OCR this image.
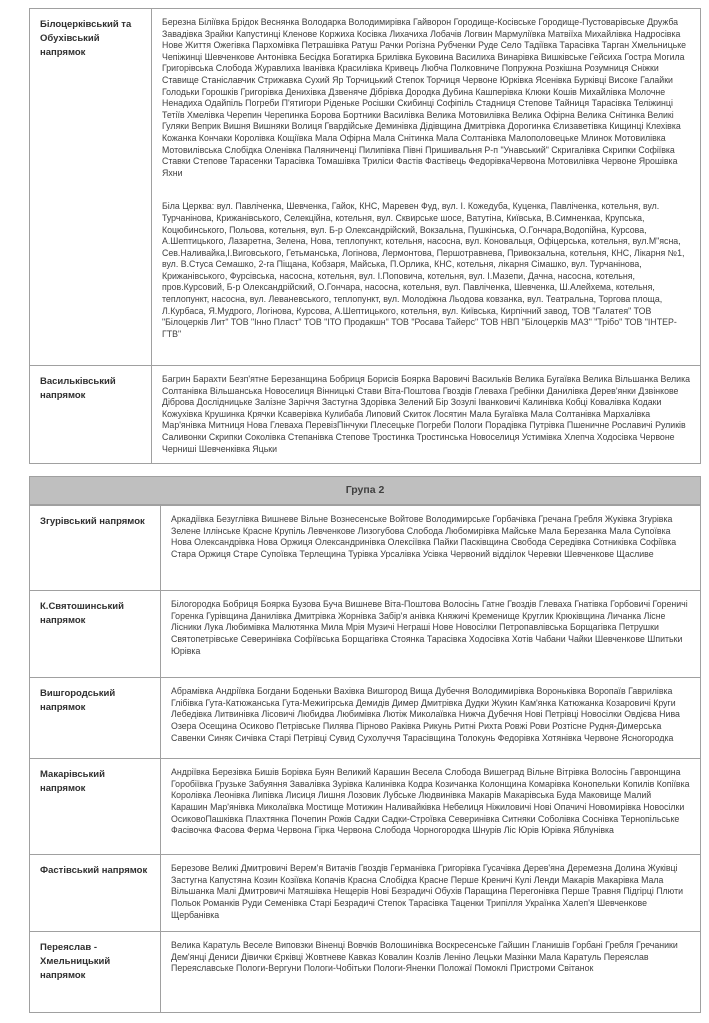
Білоцерківський та Обухівський напрямок

Березна Біліївка Брідок Веснянка Володарка Володимирівка Гайворон Городище-Косівське Городище-Пустоварівське Дружба Завадівка Зрайки Капустинці Кленове Коржиха Косівка Лихачиха Лобачів Логвин Мармуліївка Матвіїха Михайлівка Надросівка Нове Життя Ожегівка Пархомівка Петрашівка Ратуш Рачки Рогізна Рубченки Руде Село Тадіївка Тарасівка Тарган Хмельницьке Чепіжинці Шевченкове Антонівка Бесідка Богатирка Брилівка Буковина Василиха Винарівка Вишківське Гейсиха Гостра Могила Григорівська Слобода Журавлиха Іванівка Красилівка Кривець Любча Полковниче Попружна Розкішна Розумниця Сніжки Ставище Станіславчик Стрижавка Сухий Яр Торчицький Степок Торчиця Червоне Юрківка Ясенівка Бурківці Високе Галайки Голодьки Горошків Григорівка Денихівка Дзвеняче Дібрівка Дородка Дубина Кашперівка Клюки Кошів Михайлівка Молочне Ненадиха Одайпіль Погреби П'ятигори Ріденьке Росішки Скибинці Софіпіль Стадниця Степове Тайниця Тарасівка Теліжинці Тетіїв Хмелівка Черепин Черепинка Борова Бортники Василівка Велика Мотовилівка Велика Офірна Велика Снітинка Великі Гуляки Веприк Вишня Вишняки Волиця Гвардійське Деминівка Дідівщина Дмитрівка Дорогинка Єлизаветівка Кищинці Клехівка Кожанка Кончаки Королівка Кощіївка Мала Офірна Мала Снітинка Мала Солтанівка Малополовецьке Млинок Мотовилівка Мотовилівська Слобідка Оленівка Паляниченці Пилипівка Півні Пришивальня Р-п "Унавський" Скригалівка Скрипки Софіївка Ставки Степове Тарасенки Тарасівка Томашівка Триліси Фастів Фастівець ФедорівкаЧервона Мотовилівка Червоне Ярошівка Яхни

Біла Церква: вул. Павліченка, Шевченка, Гайок, КНС, Маревен Фуд, вул. І. Кожедуба, Куценка, Павліченка, котельня, вул. Турчанінова, Крижанівського, Селекційна, котельня, вул. Сквирське шосе, Ватутіна, Київська, В.Симненкаа, Крупська, Коцюбинського, Польова, котельня, вул. Б-р Олександрійский, Вокзальна, Пушкінська, О.Гончара,Водопійна, Курсова, А.Шептицького, Лазаретна, Зелена, Нова, теплопункт, котельня, насосна, вул. Коновальця, Офіцерська, котельня, вул.М"ясна, Сев.Наливайка,І.Виговського, Гетьманська, Логінова, Лермонтова, Першотравнева, Привокзальна, котельня, КНС, Лікарня №1, вул. В.Стуса Семашко, 2-га Піщана, Кобзаря, Майська, П.Орлика, КНС, котельня, лікарня Сімашко, вул. Турчанінова, Крижанівського, Фурсівська, насосна, котельня, вул. І.Поповича, котельня, вул. І.Мазепи, Дачна, насосна, котельня, пров.Курсовий, Б-р Олександрійский, О.Гончара, насосна, котельня, вул. Павліченка, Шевченка, Ш.Алейхема, котельня, теплопункт, насосна, вул. Леваневського, теплопункт, вул. Молодіжна Льодова ковзанка, вул. Театральна, Торгова площа, Л.Курбаса, Я.Мудрого, Логінова, Курсова, А.Шептицького, котельня, вул. Київська, Кирпічний завод, ТОВ "Галатея" ТОВ "Білоцерків Лит" ТОВ "Інно Пласт" ТОВ "ІТО Продакшн" ТОВ "Росава Тайерс" ТОВ НВП "Білоцерків МАЗ" "Трібо" ТОВ "ІНТЕР-ГТВ"

Васильківський напрямок

Багрин Барахти Безп'ятне Березанщина Бобриця Борисів Боярка Варовичі Васильків Велика Бугаївка Велика Вільшанка Велика Солтанівка Вільшанська Новоселиця Вінницькі Стави Віта-Поштова Гвоздів Глеваха Гребінки Данилівка Дерев'янки Дзвінкове Діброва Дослідницьке Залізне Заріччя Застугна Здорівка Зелений Бір Зозулі Іванковичі Калинівка Кобці Ковалівка Кодаки Кожухівка Крушинка Крячки Ксаверівка Кулибаба Липовий Скиток Лосятин Мала Бугаївка Мала Солтанівка Мархалівка Мар'янівка Митниця Нова Глеваха ПеревізПінчуки Плесецьке Погреби Пологи Порадівка Путрівка Пшеничне Рославичі Руликів Саливонки Скрипки Соколівка Степанівка Степове Тростинка Тростинська Новоселиця Устимівка Хлепча Ходосівка Червоне Черниші Шевченківка Яцьки

Група 2
Згурівський напрямок	Аркадіївка Безуглівка Вишневе Вільне Вознесенське Войтове Володимирське Горбачівка Гречана Гребля Жуківка Згурівка Зелене Іллінське Красне Крупіль Левченкове Лизогубова Слобода Любомирівка Майське Мала Березанка Мала Супоївка Нова Олександрівка Нова Оржиця Олександринівка Олексіївка Пайки Пасківщина Свобода Середівка Сотниківка Софіївка Стара Оржиця Старе Супоївка Терлещина Турівка Урсалівка Усівка Червоний відділок Черевки Шевченкове Щасливе

К.Святошинський напрямок

Білогородка Бобриця Боярка Бузова Буча Вишневе Віта-Поштова Волосінь Гатне Гвоздів Глеваха Гнатівка Горбовичі Гореничі Горенка Гурівщина Данилівка Дмитрівка Жорнівка Забір'я анівка Княжичі Кременище Круглик Крюківщина Личанка Лісне Лісники Лука Любимівка Малютянка Мила Мрія Музичі Неграші Нове Новосілки Петропавлівська Борщагівка Петрушки Святопетрівське Северинівка Софіївська Борщагівка Стоянка Тарасівка Ходосівка Хотів Чабани Чайки Шевченкове Шпитьки Юрівка

Вишгородський напрямок

Абрамівка Андріївка Богдани Боденьки Вахівка Вишгород Вища Дубечня Володимирівка Вороньківка Воропаїв Гаврилівка Глібівка Гута-Катюжанська Гута-Межигірська Демидів Димер Дмитрівка Дудки Жукин Кам'янка Катюжанка Козаровичі Круги Лебедівка Литвинівка Лісовичі Любидва Любимівка Лютіж Миколаївка Нижча Дубечня Нові Петрівці Новосілки Овдієва Нива Озера Осещина Осиково Петрівське Пилява Пірново Раківка Рикунь Ритні Рихта Ровжі Рови Розтісне Рудня-Димерська Савенки Синяк Сичівка Старі Петрівці Сувид Сухолуччя Тарасівщина Толокунь Федорівка Хотянівка Червоне Ясногородка

Макарівський напрямок

Андріївка Березівка Бишів Борівка Буян Великий Карашин Весела Слобода Вишеград Вільне Вітрівка Волосінь Гавронщина Горобіївка Грузьке Забуяння Завалівка Зурівка Калинівка Кодра Козичанка Колонщина Комарівка Конопельки Копилів Копіївка Королівка Леонівка Липівка Лисиця Лишня Лозовик Лубське Людвинівка Макарів Макарівська Буда Маковище Малий Карашин Мар'янівка Миколаївка Мостище Мотижин Наливайківка Небелиця Ніжиловичі Нові Опачичі Новомирівка Новосілки ОсиковоПашківка Плахтянка Почепин Рожів Садки Садки-Строївка Северинівка Ситняки Соболівка Соснівка Тернопільське Фасівочка Фасова Ферма Червона Гірка Червона Слобода Чорногородка Шнурів Ліс Юрів Юрівка Яблунівка

Фастівський напрямок	Березове Великі Дмитровичі Верем'я Витачів Гвоздів Германівка Григорівка Гусачівка Дерев'яна Деремезна Долина Жуківці Застугна Капустяна Козин Козіївка Копачів Красна Слобідка Красне Перше Креничі Кулі Ленди Макарів Макарівка Мала Вільшанка Малі Дмитровичі Матяшівка Нещерів Нові Безрадичі Обухів Паращина Перегонівка Перше Травня Підгірці Плюти Польок Романків Руди Семенівка Старі Безрадичі Степок Тарасівка Таценки Трипілля Українка Халеп'я Шевченкове Щербанівка

Переяслав - Хмельницький напрямок

Велика Каратуль Веселе Виповзки Віненці Вовчків Волошинівка Воскресенське Гайшин Гланишів Горбані Гребля Гречаники Дем'янці Дениси Дівички Єрківці Жовтневе Кавказ Ковалин Козлів Леніно Лецьки Мазінки Мала Каратуль Переяслав Переяславське Пологи-Вергуни Пологи-Чобітьки Пологи-Яненки Положаї Помоклі Пристроми Світанок
